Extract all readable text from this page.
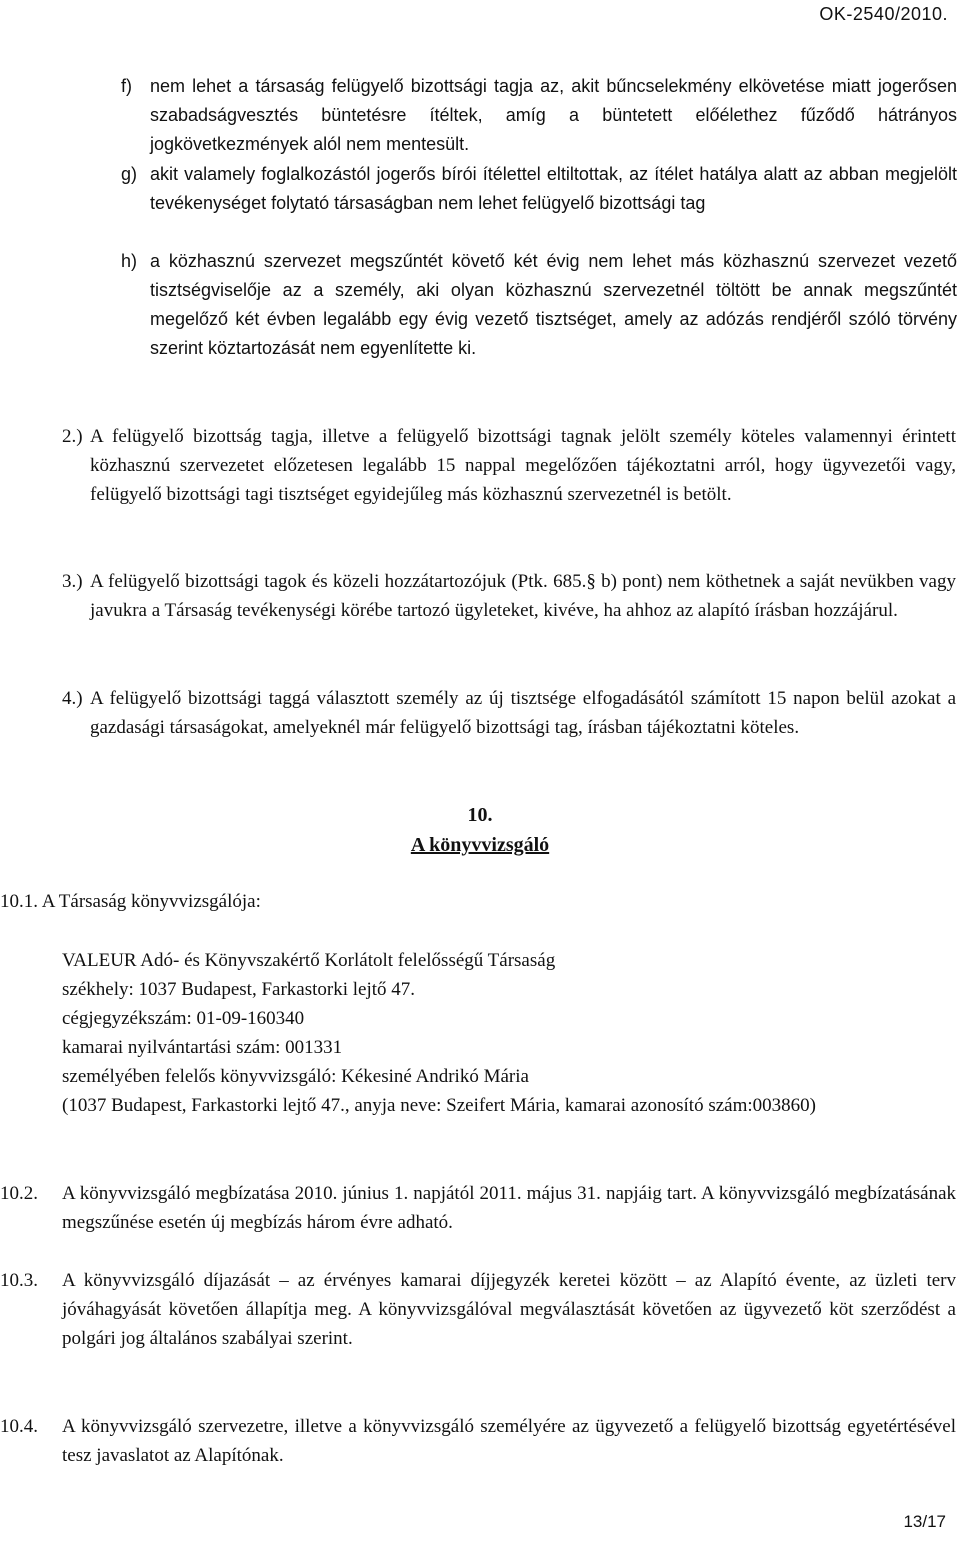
OK-2540/2010.
f)	nem lehet a társaság felügyelő bizottsági tagja az, akit bűncselekmény elkövetése miatt jogerősen szabadságvesztés büntetésre ítéltek, amíg a büntetett előélethez fűződő hátrányos jogkövetkezmények alól nem mentesült.
g) akit valamely foglalkozástól jogerős bírói ítélettel eltiltottak, az ítélet hatálya alatt az abban megjelölt tevékenységet folytató társaságban nem lehet felügyelő bizottsági tag
h) a közhasznú szervezet megszűntét követő két évig nem lehet más közhasznú szervezet vezető tisztségviselője az a személy, aki olyan közhasznú szervezetnél töltött be annak megszűntét megelőző két évben legalább egy évig vezető tisztséget, amely az adózás rendjéről szóló törvény szerint köztartozását nem egyenlítette ki.
2.) A felügyelő bizottság tagja, illetve a felügyelő bizottsági tagnak jelölt személy köteles valamennyi érintett közhasznú szervezetet előzetesen legalább 15 nappal megelőzően tájékoztatni arról, hogy ügyvezetői vagy, felügyelő bizottsági tagi tisztséget egyidejűleg más közhasznú szervezetnél is betölt.
3.) A felügyelő bizottsági tagok és közeli hozzátartozójuk (Ptk. 685.§ b) pont) nem köthetnek a saját nevükben vagy javukra a Társaság tevékenységi körébe tartozó ügyleteket, kivéve, ha ahhoz az alapító írásban hozzájárul.
4.) A felügyelő bizottsági taggá választott személy az új tisztsége elfogadásától számított 15 napon belül azokat a gazdasági társaságokat, amelyeknél már felügyelő bizottsági tag, írásban tájékoztatni köteles.
10.
A könyvvizsgáló
10.1. A Társaság könyvvizsgálója:
VALEUR Adó- és Könyvszakértő Korlátolt felelősségű Társaság
székhely: 1037 Budapest, Farkastorki lejtő 47.
cégjegyzékszám: 01-09-160340
kamarai nyilvántartási szám: 001331
személyében felelős könyvvizsgáló: Kékesiné Andrikó Mária
(1037 Budapest, Farkastorki lejtő 47., anyja neve: Szeifert Mária, kamarai azonosító szám:003860)
10.2.	A könyvvizsgáló megbízatása 2010. június 1. napjától 2011. május 31. napjáig tart. A könyvvizsgáló megbízatásának megszűnése esetén új megbízás három évre adható.
10.3.	A könyvvizsgáló díjazását – az érvényes kamarai díjjegyzék keretei között – az Alapító évente, az üzleti terv jóváhagyását követően állapítja meg. A könyvvizsgálóval megválasztását követően az ügyvezető köt szerződést a polgári jog általános szabályai szerint.
10.4.	A könyvvizsgáló szervezetre, illetve a könyvvizsgáló személyére az ügyvezető a felügyelő bizottság egyetértésével tesz javaslatot az Alapítónak.
13/17
